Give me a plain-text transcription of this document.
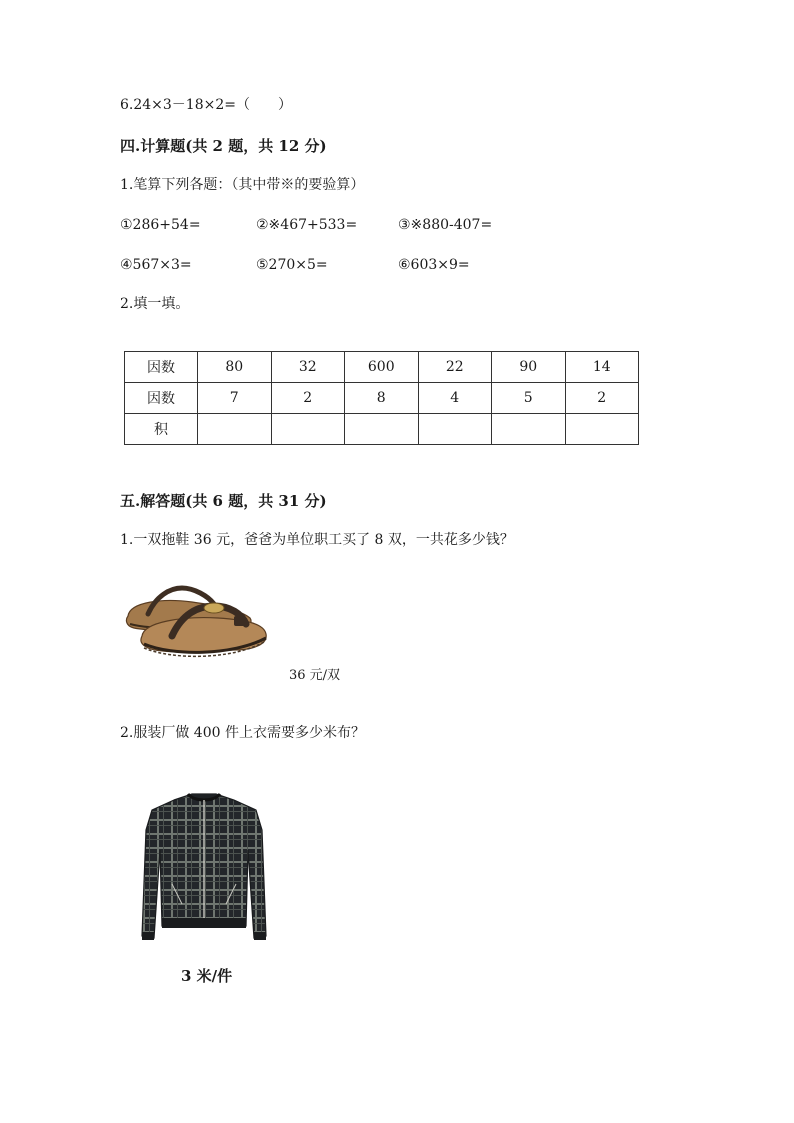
6.24×3－18×2=（　　）
四.计算题(共 2 题，共 12 分)
1.笔算下列各题：（其中带※的要验算）
①286+54=	②※467+533=	③※880-407=
④567×3=	⑤270×5=	⑥603×9=
2.填一填。
因数	80	32	600	22	90	14
因数	7	2	8	4	5	2
积						
五.解答题(共 6 题，共 31 分)
1.一双拖鞋 36 元，爸爸为单位职工买了 8 双，一共花多少钱？
36 元/双
2.服装厂做 400 件上衣需要多少米布？
3 米/件
